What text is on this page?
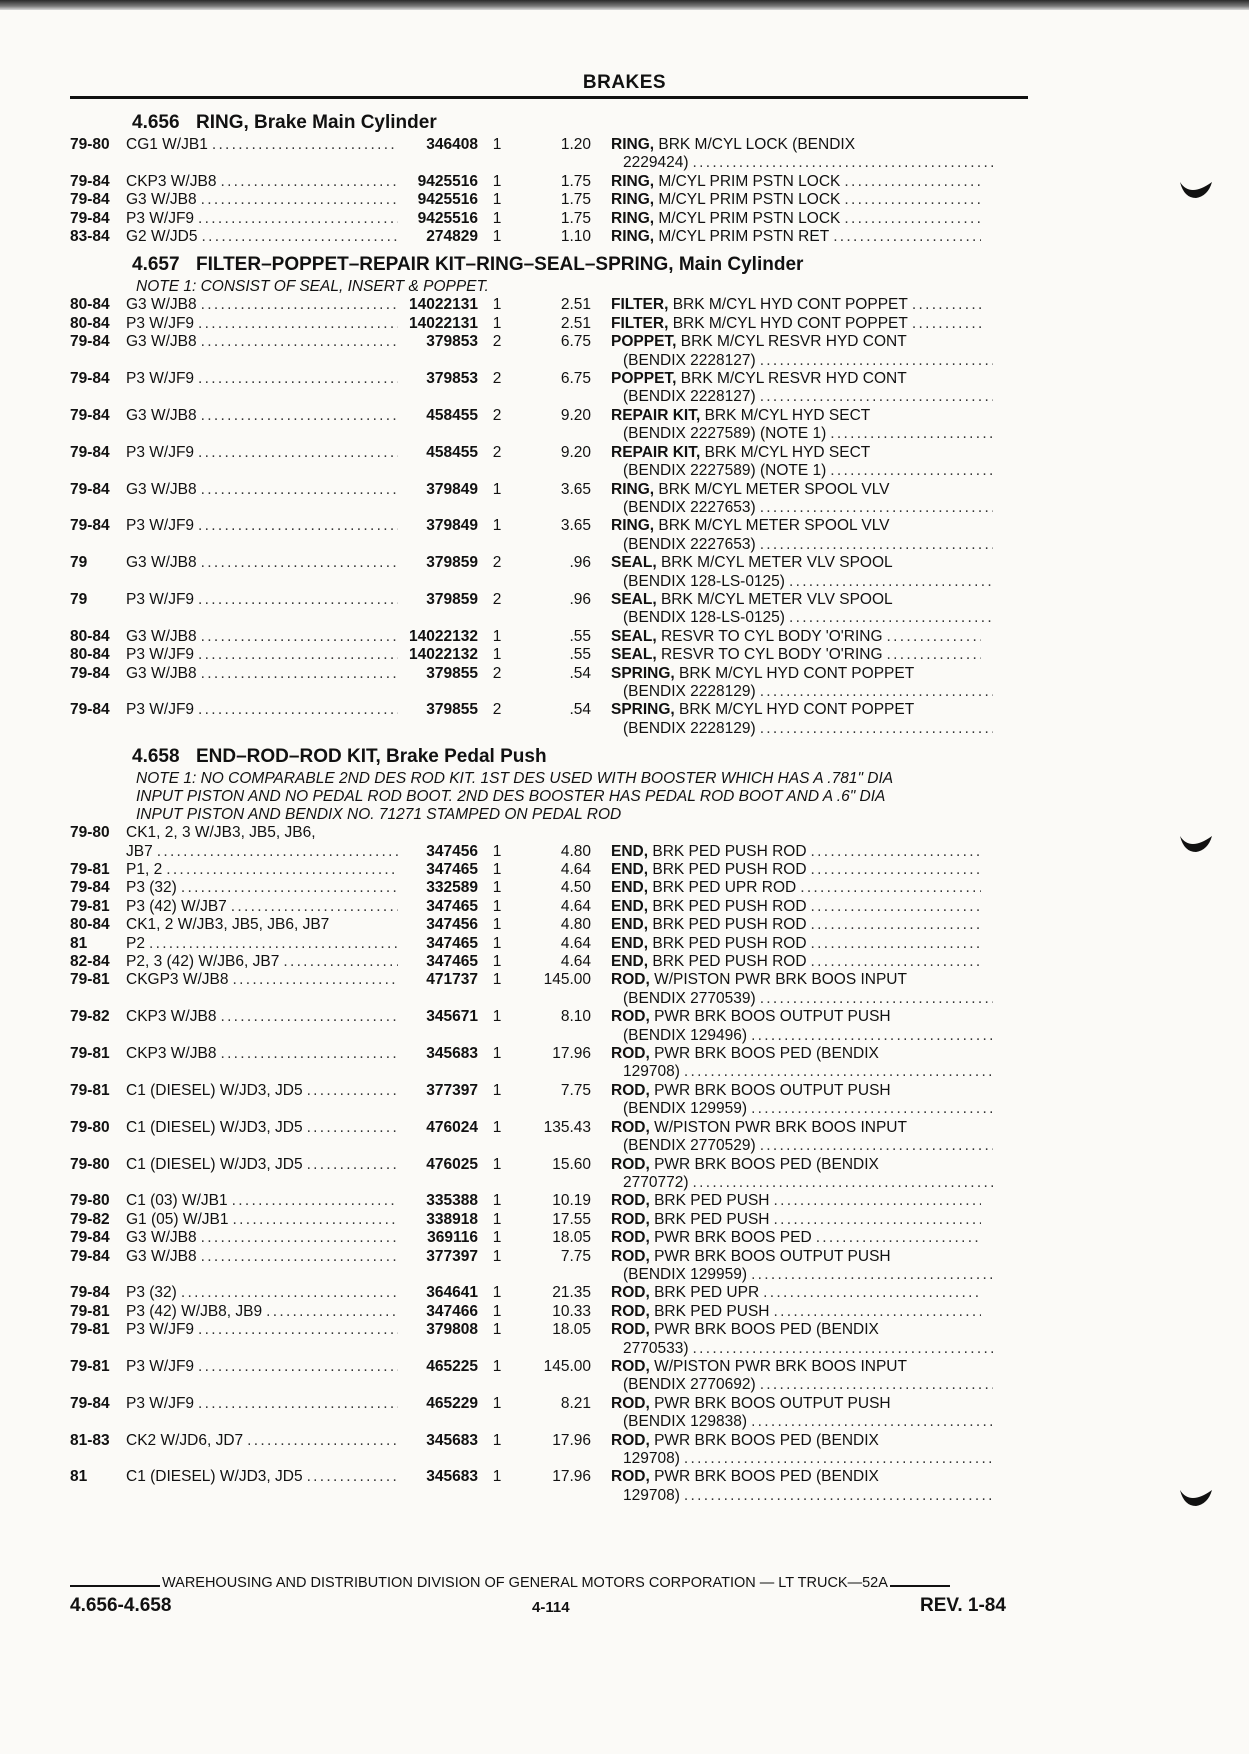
BRAKES
4.656 RING, Brake Main Cylinder
79-80	CG1 W/JB1 . . .	346408 1	1.20	RING, BRK M/CYL LOCK (BENDIX
2229424)
. . .
79-84	CKP3 W/JB8 . . .	9425516 1	1.75	RING, M/CYL PRIM PSTN LOCK
. . .
79-84	G3 W/JB8 . . .	9425516 1	1.75	RING, M/CYL PRIM PSTN LOCK
. . .
79-84	P3 W/JF9 . . .	9425516 1	1.75	RING, M/CYL PRIM PSTN LOCK
. . .
83-84	G2 W/JD5 . . .	274829 1	1.10	RING, M/CYL PRIM PSTN RET
. . .
4.657 FILTER–POPPET–REPAIR KIT–RING–SEAL–SPRING, Main Cylinder
NOTE 1: CONSIST OF SEAL, INSERT & POPPET.
80-84	G3 W/JB8 . . .	14022131 1	2.51	FILTER, BRK M/CYL HYD CONT POPPET
. . .
80-84	P3 W/JF9 . . .	14022131 1	2.51	FILTER, BRK M/CYL HYD CONT POPPET
. . .
79-84	G3 W/JB8 . . .	379853 2	6.75	POPPET, BRK M/CYL RESVR HYD CONT
(BENDIX 2228127)
. . .
79-84	P3 W/JF9 . . .	379853 2	6.75	POPPET, BRK M/CYL RESVR HYD CONT
(BENDIX 2228127)
. . .
79-84	G3 W/JB8 . . .	458455 2	9.20	REPAIR KIT, BRK M/CYL HYD SECT
(BENDIX 2227589) (NOTE 1)
. . .
79-84	P3 W/JF9 . . .	458455 2	9.20	REPAIR KIT, BRK M/CYL HYD SECT
(BENDIX 2227589) (NOTE 1)
. . .
79-84	G3 W/JB8 . . .	379849 1	3.65	RING, BRK M/CYL METER SPOOL VLV
(BENDIX 2227653)
. . .
79-84	P3 W/JF9 . . .	379849 1	3.65	RING, BRK M/CYL METER SPOOL VLV
(BENDIX 2227653)
. . .
79	G3 W/JB8 . . .	379859 2	.96	SEAL, BRK M/CYL METER VLV SPOOL
(BENDIX 128-LS-0125)
. . .
79	P3 W/JF9 . . .	379859 2	.96	SEAL, BRK M/CYL METER VLV SPOOL
(BENDIX 128-LS-0125)
. . .
80-84	G3 W/JB8 . . .	14022132 1	.55	SEAL, RESVR TO CYL BODY 'O'RING
. . .
80-84	P3 W/JF9 . . .	14022132 1	.55	SEAL, RESVR TO CYL BODY 'O'RING
. . .
79-84	G3 W/JB8 . . .	379855 2	.54	SPRING, BRK M/CYL HYD CONT POPPET
(BENDIX 2228129)
. . .
79-84	P3 W/JF9 . . .	379855 2	.54	SPRING, BRK M/CYL HYD CONT POPPET
(BENDIX 2228129)
. . .
4.658 END–ROD–ROD KIT, Brake Pedal Push
NOTE 1: NO COMPARABLE 2ND DES ROD KIT. 1ST DES USED WITH BOOSTER WHICH HAS A .781" DIA
INPUT PISTON AND NO PEDAL ROD BOOT. 2ND DES BOOSTER HAS PEDAL ROD BOOT AND A .6" DIA
INPUT PISTON AND BENDIX NO. 71271 STAMPED ON PEDAL ROD
79-80	CK1, 2, 3 W/JB3, JB5, JB6,
JB7 . . .	347456 1	4.80	END, BRK PED PUSH ROD
. . .
79-81	P1, 2 . . .	347465 1	4.64	END, BRK PED PUSH ROD
. . .
79-84	P3 (32) . . .	332589 1	4.50	END, BRK PED UPR ROD
. . .
79-81	P3 (42) W/JB7 . . .	347465 1	4.64	END, BRK PED PUSH ROD
. . .
80-84	CK1, 2 W/JB3, JB5, JB6, JB7	347456 1	4.80	END, BRK PED PUSH ROD
. . .
81	P2 . . .	347465 1	4.64	END, BRK PED PUSH ROD
. . .
82-84	P2, 3 (42) W/JB6, JB7 . . .	347465 1	4.64	END, BRK PED PUSH ROD
. . .
79-81	CKGP3 W/JB8 . . .	471737 1	145.00	ROD, W/PISTON PWR BRK BOOS INPUT
(BENDIX 2770539)
. . .
79-82	CKP3 W/JB8 . . .	345671 1	8.10	ROD, PWR BRK BOOS OUTPUT PUSH
(BENDIX 129496)
. . .
79-81	CKP3 W/JB8 . . .	345683 1	17.96	ROD, PWR BRK BOOS PED (BENDIX
129708)
. . .
79-81	C1 (DIESEL) W/JD3, JD5 . . .	377397 1	7.75	ROD, PWR BRK BOOS OUTPUT PUSH
(BENDIX 129959)
. . .
79-80	C1 (DIESEL) W/JD3, JD5 . . .	476024 1	135.43	ROD, W/PISTON PWR BRK BOOS INPUT
(BENDIX 2770529)
. . .
79-80	C1 (DIESEL) W/JD3, JD5 . . .	476025 1	15.60	ROD, PWR BRK BOOS PED (BENDIX
2770772)
. . .
79-80	C1 (03) W/JB1 . . .	335388 1	10.19	ROD, BRK PED PUSH
. . .
79-82	G1 (05) W/JB1 . . .	338918 1	17.55	ROD, BRK PED PUSH
. . .
79-84	G3 W/JB8 . . .	369116 1	18.05	ROD, PWR BRK BOOS PED
. . .
79-84	G3 W/JB8 . . .	377397 1	7.75	ROD, PWR BRK BOOS OUTPUT PUSH
(BENDIX 129959)
. . .
79-84	P3 (32) . . .	364641 1	21.35	ROD, BRK PED UPR
. . .
79-81	P3 (42) W/JB8, JB9 . . .	347466 1	10.33	ROD, BRK PED PUSH
. . .
79-81	P3 W/JF9 . . .	379808 1	18.05	ROD, PWR BRK BOOS PED (BENDIX
2770533)
. . .
79-81	P3 W/JF9 . . .	465225 1	145.00	ROD, W/PISTON PWR BRK BOOS INPUT
(BENDIX 2770692)
. . .
79-84	P3 W/JF9 . . .	465229 1	8.21	ROD, PWR BRK BOOS OUTPUT PUSH
(BENDIX 129838)
. . .
81-83	CK2 W/JD6, JD7 . . .	345683 1	17.96	ROD, PWR BRK BOOS PED (BENDIX
129708)
. . .
81	C1 (DIESEL) W/JD3, JD5 . . .	345683 1	17.96	ROD, PWR BRK BOOS PED (BENDIX
129708)
. . .
WAREHOUSING AND DISTRIBUTION DIVISION OF GENERAL MOTORS CORPORATION — LT TRUCK—52A
4.656-4.658	4-114	REV. 1-84
